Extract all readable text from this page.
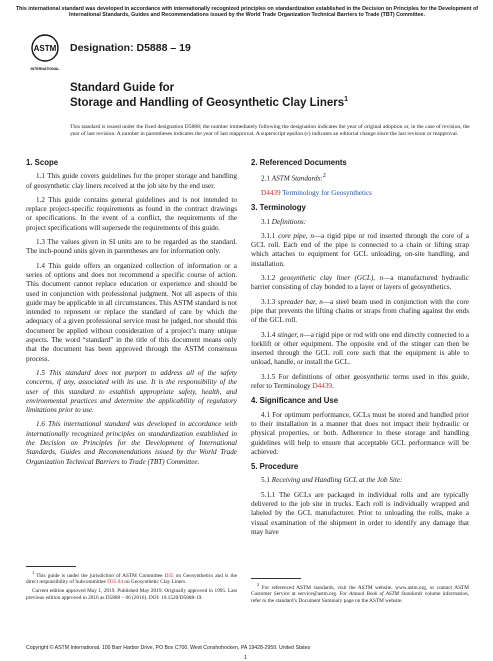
This international standard was developed in accordance with internationally recognized principles on standardization established in the Decision on Principles for the Development of International Standards, Guides and Recommendations issued by the World Trade Organization Technical Barriers to Trade (TBT) Committee.
ASTM
INTERNATIONAL
Designation: D5888 – 19
Standard Guide for
Storage and Handling of Geosynthetic Clay Liners$^1$
This standard is issued under the fixed designation D5888; the number immediately following the designation indicates the year of original adoption or, in the case of revision, the year of last revision. A number in parentheses indicates the year of last reapproval. A superscript epsilon (ε) indicates an editorial change since the last revision or reapproval.
1. Scope

1.1 This guide covers guidelines for the proper storage and handling of geosynthetic clay liners received at the job site by the end user.

1.2 This guide contains general guidelines and is not intended to replace project-specific requirements as found in the contract drawings or specifications. In the event of a conflict, the requirements of the project specifications will supersede the requirements of this guide.

1.3 The values given in SI units are to be regarded as the standard. The inch-pound units given in parentheses are for information only.

1.4 This guide offers an organized collection of information or a series of options and does not recommend a specific course of action. This document cannot replace education or experience and should be used in conjunction with professional judgment. Not all aspects of this guide may be applicable in all circumstances. This ASTM standard is not intended to represent or replace the standard of care by which the adequacy of a given professional service must be judged, nor should this document be applied without consideration of a project’s many unique aspects. The word “standard” in the title of this document means only that the document has been approved through the ASTM consensus process.

1.5 This standard does not purport to address all of the safety concerns, if any, associated with its use. It is the responsibility of the user of this standard to establish appropriate safety, health, and environmental practices and determine the applicability of regulatory limitations prior to use.

1.6 This international standard was developed in accordance with internationally recognized principles on standardization established in the Decision on Principles for the Development of International Standards, Guides and Recommendations issued by the World Trade Organization Technical Barriers to Trade (TBT) Committee.

$^1$ This guide is under the jurisdiction of ASTM Committee D35 on Geosynthetics and is the direct responsibility of Subcommittee D35.04 on Geosynthetic Clay Liners.

Current edition approved May 1, 2019. Published May 2019. Originally approved in 1995. Last previous edition approved in 2016 as D5888 – 06 (2016). DOI: 10.1520/D5888-19.

2. Referenced Documents

2.1 ASTM Standards:$^2$

D4439 Terminology for Geosynthetics

3. Terminology

3.1 Definitions:

3.1.1 core pipe, n—a rigid pipe or rod inserted through the core of a GCL roll. Each end of the pipe is connected to a chain or lifting strap which attaches to equipment for GCL unloading, on-site handling, and installation.

3.1.2 geosynthetic clay liner (GCL), n—a manufactured hydraulic barrier consisting of clay bonded to a layer or layers of geosynthetics.

3.1.3 spreader bar, n—a steel beam used in conjunction with the core pipe that prevents the lifting chains or straps from chafing against the ends of the GCL roll.

3.1.4 stinger, n—a rigid pipe or rod with one end directly connected to a forklift or other equipment. The opposite end of the stinger can then be inserted through the GCL roll core such that the equipment is able to unload, handle, or install the GCL.

3.1.5 For definitions of other geosynthetic terms used in this guide, refer to Terminology D4439.

4. Significance and Use

4.1 For optimum performance, GCLs must be stored and handled prior to their installation in a manner that does not impact their hydraulic or physical properties, or both. Adherence to these storage and handling guidelines will help to ensure that acceptable GCL performance will be achieved.

5. Procedure

5.1 Receiving and Handling GCL at the Job Site:

5.1.1 The GCLs are packaged in individual rolls and are typically delivered to the job site in trucks. Each roll is individually wrapped and labeled by the GCL manufacturer. Prior to unloading the rolls, make a visual examination of the shipment in order to identify any damage that may have

$^2$ For referenced ASTM standards, visit the ASTM website, www.astm.org, or contact ASTM Customer Service at service@astm.org. For Annual Book of ASTM Standards volume information, refer to the standard’s Document Summary page on the ASTM website.

Copyright © ASTM International, 100 Barr Harbor Drive, PO Box C700, West Conshohocken, PA 19428-2959. United States
1
